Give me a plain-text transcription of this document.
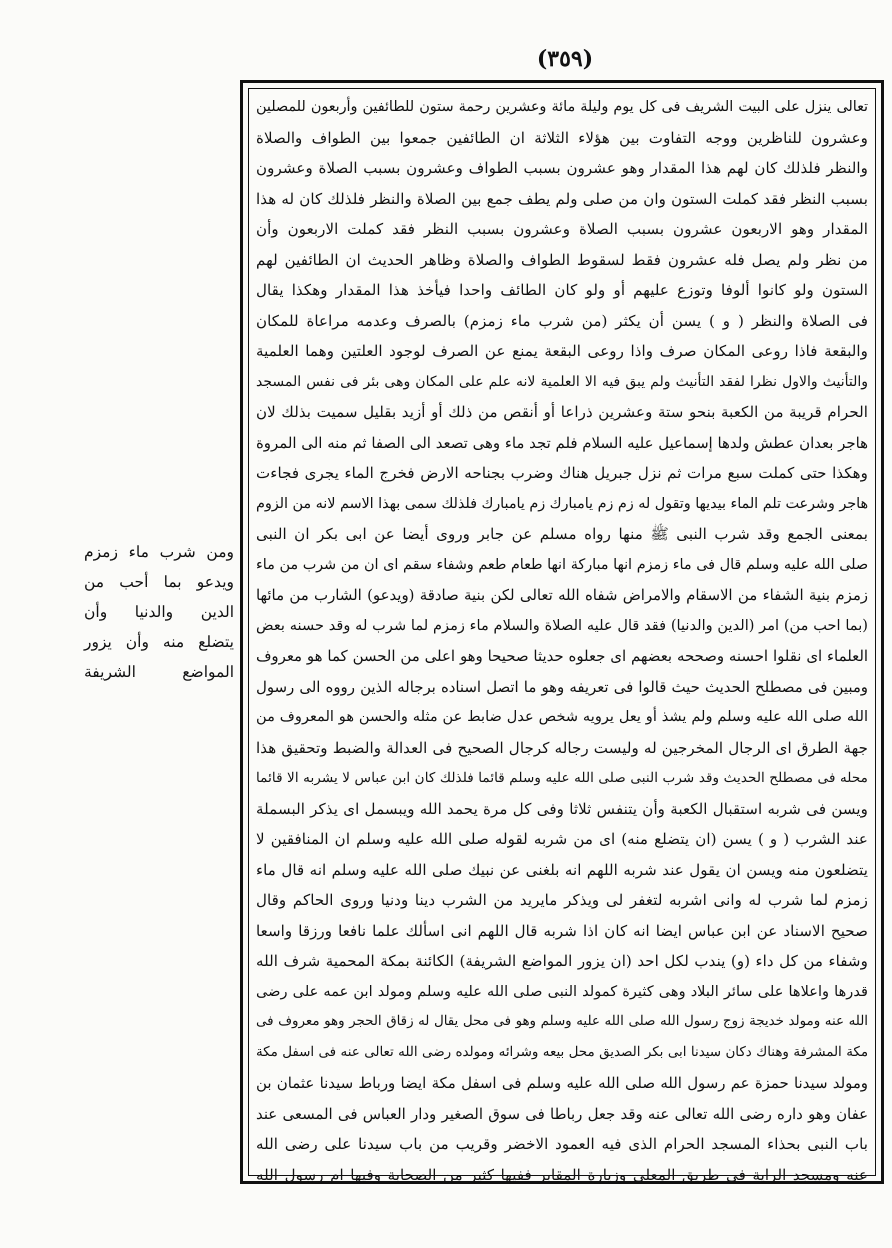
(٣٥٩)
تعالى ينزل على البيت الشريف فى كل يوم وليلة مائة وعشرين رحمة ستون للطائفين وأربعون للمصلين
وعشرون للناظرين ووجه التفاوت بين هؤلاء الثلاثة ان الطائفين جمعوا بين الطواف والصلاة
والنظر فلذلك كان لهم هذا المقدار وهو عشرون بسبب الطواف وعشرون بسبب الصلاة وعشرون
بسبب النظر فقد كملت الستون وان من صلى ولم يطف جمع بين الصلاة والنظر فلذلك كان له هذا
المقدار وهو الاربعون عشرون بسبب الصلاة وعشرون بسبب النظر فقد كملت الاربعون وأن
من نظر ولم يصل فله عشرون فقط لسقوط الطواف والصلاة وظاهر الحديث ان الطائفين لهم
الستون ولو كانوا ألوفا وتوزع عليهم أو ولو كان الطائف واحدا فيأخذ هذا المقدار وهكذا يقال
فى الصلاة والنظر ( و ) يسن أن يكثر (من شرب ماء زمزم) بالصرف وعدمه مراعاة للمكان
والبقعة فاذا روعى المكان صرف واذا روعى البقعة يمنع عن الصرف لوجود العلتين وهما العلمية
والتأنيث والاول نظرا لفقد التأنيث ولم يبق فيه الا العلمية لانه علم على المكان وهى بئر فى نفس المسجد
الحرام قريبة من الكعبة بنحو ستة وعشرين ذراعا أو أنقص من ذلك أو أزيد بقليل سميت بذلك لان
هاجر بعدان عطش ولدها إسماعيل عليه السلام فلم تجد ماء وهى تصعد الى الصفا ثم منه الى المروة
وهكذا حتى كملت سبع مرات ثم نزل جبريل هناك وضرب بجناحه الارض فخرج الماء يجرى فجاءت
هاجر وشرعت تلم الماء بيديها وتقول له زم زم يامبارك زم يامبارك فلذلك سمى بهذا الاسم لانه من الزوم
بمعنى الجمع وقد شرب النبى ﷺ منها رواه مسلم عن جابر وروى أيضا عن ابى بكر ان النبى
صلى الله عليه وسلم قال فى ماء زمزم انها مباركة انها طعام طعم وشفاء سقم اى ان من شرب من ماء
زمزم بنية الشفاء من الاسقام والامراض شفاه الله تعالى لكن بنية صادقة (ويدعو) الشارب من مائها
(بما احب من) امر (الدين والدنيا) فقد قال عليه الصلاة والسلام ماء زمزم لما شرب له وقد حسنه بعض
العلماء اى نقلوا احسنه وصححه بعضهم اى جعلوه حديثا صحيحا وهو اعلى من الحسن كما هو معروف
ومبين فى مصطلح الحديث حيث قالوا فى تعريفه وهو ما اتصل اسناده برجاله الذين رووه الى رسول
الله صلى الله عليه وسلم ولم يشذ أو يعل يرويه شخص عدل ضابط عن مثله والحسن هو المعروف من
جهة الطرق اى الرجال المخرجين له وليست رجاله كرجال الصحيح فى العدالة والضبط وتحقيق هذا
محله فى مصطلح الحديث وقد شرب النبى صلى الله عليه وسلم قائما فلذلك كان ابن عباس لا يشربه الا قائما
ويسن فى شربه استقبال الكعبة وأن يتنفس ثلاثا وفى كل مرة يحمد الله ويبسمل اى يذكر البسملة
عند الشرب ( و ) يسن (ان يتضلع منه) اى من شربه لقوله صلى الله عليه وسلم ان المنافقين لا
يتضلعون منه ويسن ان يقول عند شربه اللهم انه بلغنى عن نبيك صلى الله عليه وسلم انه قال ماء
زمزم لما شرب له وانى اشربه لتغفر لى ويذكر مايريد من الشرب دينا ودنيا وروى الحاكم وقال
صحيح الاسناد عن ابن عباس ايضا انه كان اذا شربه قال اللهم انى اسألك علما نافعا ورزقا واسعا
وشفاء من كل داء (و) يندب لكل احد (ان يزور المواضع الشريفة) الكائنة بمكة المحمية شرف الله
قدرها واعلاها على سائر البلاد وهى كثيرة كمولد النبى صلى الله عليه وسلم ومولد ابن عمه على رضى
الله عنه ومولد خديجة زوج رسول الله صلى الله عليه وسلم وهو فى محل يقال له زقاق الحجر وهو معروف فى
مكة المشرفة وهناك دكان سيدنا ابى بكر الصديق محل بيعه وشرائه ومولده رضى الله تعالى عنه فى اسفل مكة
ومولد سيدنا حمزة عم رسول الله صلى الله عليه وسلم فى اسفل مكة ايضا ورباط سيدنا عثمان بن
عفان وهو داره رضى الله تعالى عنه وقد جعل رباطا فى سوق الصغير ودار العباس فى المسعى عند
باب النبى بحذاء المسجد الحرام الذى فيه العمود الاخضر وقريب من باب سيدنا على رضى الله
عنه ومسجد الراية فى طريق المعلى وزيارة المقابر ففيها كثير من الصحابة وفيها ام رسول الله
ومن شرب ماء زمزم
ويدعو بما أحب من
الدين والدنيا وأن
يتضلع منه وأن يزور
المواضع الشريفة
